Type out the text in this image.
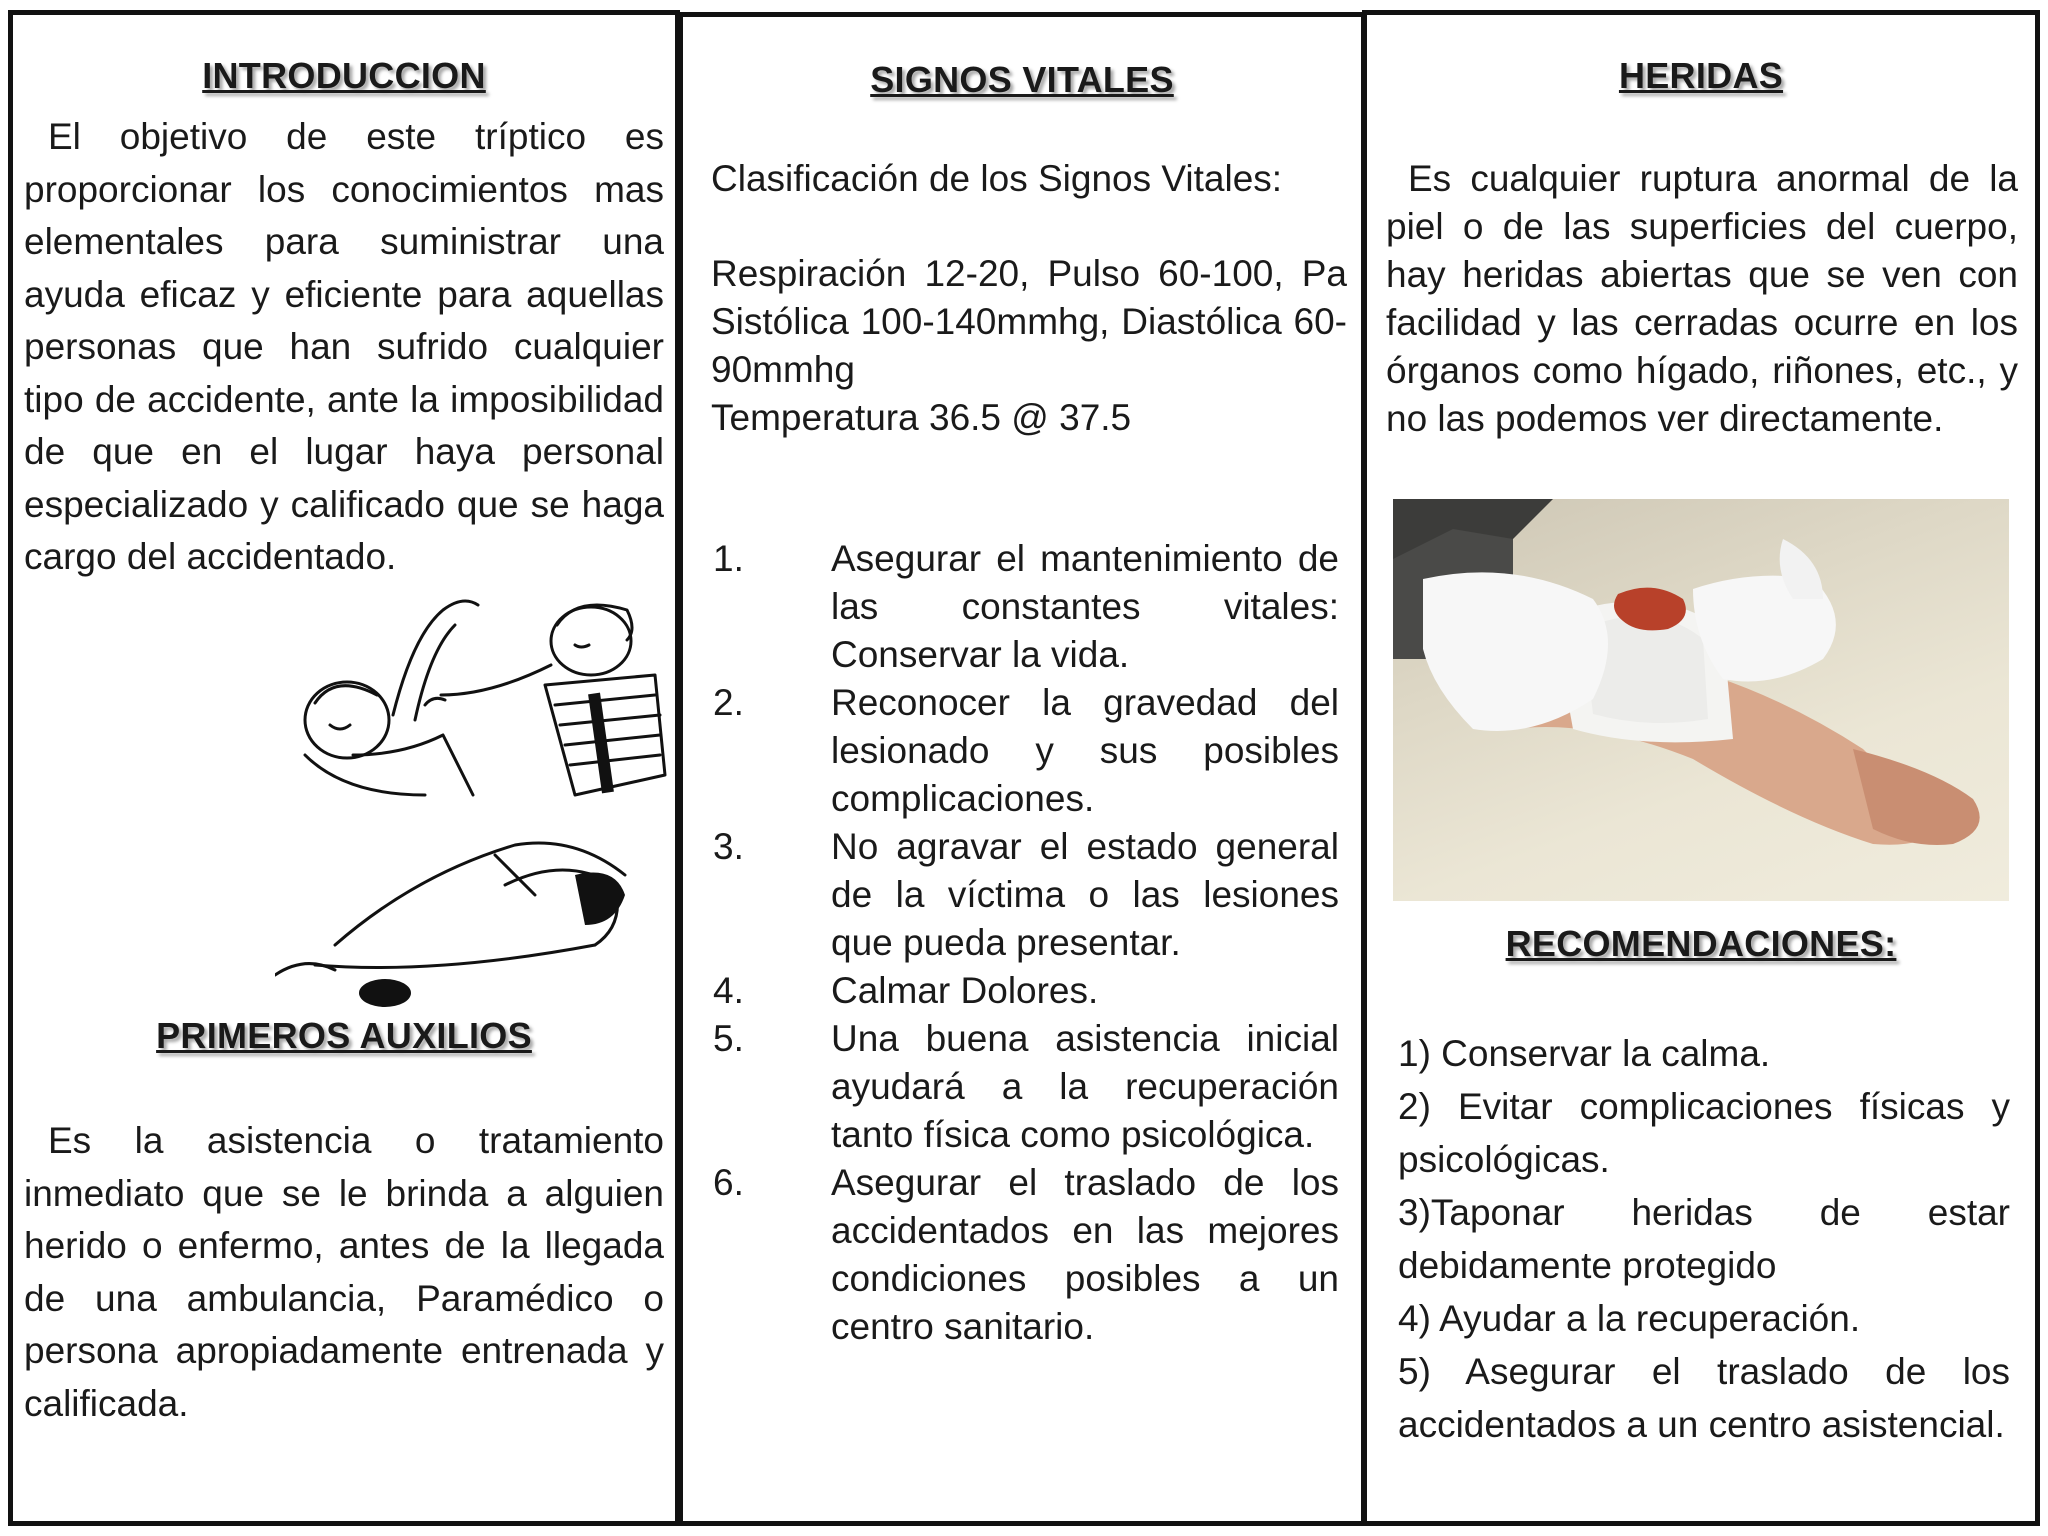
INTRODUCCION
El objetivo de este tríptico es proporcionar los conocimientos mas elementales para suministrar una ayuda eficaz y eficiente para aquellas personas que han sufrido cualquier tipo de accidente, ante la imposibilidad de que en el lugar haya personal especializado y calificado que se haga cargo del accidentado.
PRIMEROS AUXILIOS
Es la asistencia o tratamiento inmediato que se le brinda a alguien herido o enfermo, antes de la llegada de una ambulancia, Paramédico o persona apropiadamente entrenada y calificada.
SIGNOS VITALES
Clasificación de los Signos Vitales:
Respiración 12-20, Pulso 60-100, Pa Sistólica 100-140mmhg, Diastólica 60-90mmhg
Temperatura 36.5 @ 37.5
1. Asegurar el mantenimiento de las constantes vitales: Conservar la vida.
2. Reconocer la gravedad del lesionado y sus posibles complicaciones.
3. No agravar el estado general de la víctima o las lesiones que pueda presentar.
4. Calmar Dolores.
5. Una buena asistencia inicial ayudará a la recuperación tanto física como psicológica.
6. Asegurar el traslado de los accidentados en las mejores condiciones posibles a un centro sanitario.
HERIDAS
Es cualquier ruptura anormal de la piel o de las superficies del cuerpo, hay heridas abiertas que se ven con facilidad y las cerradas ocurre en los órganos como hígado, riñones, etc., y no las podemos ver directamente.
RECOMENDACIONES:
1) Conservar la calma.
2) Evitar complicaciones físicas y psicológicas.
3)Taponar heridas de estar debidamente protegido
4) Ayudar a la recuperación.
5) Asegurar el traslado de los accidentados a un centro asistencial.
